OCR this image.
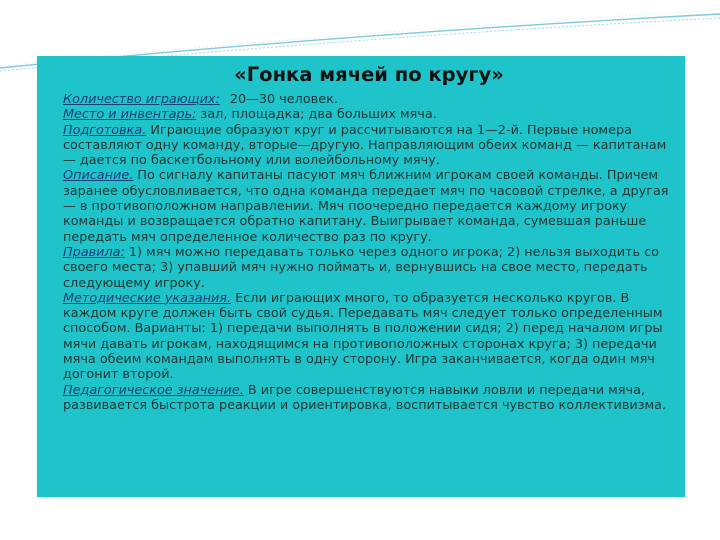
«Гонка мячей по кругу»

Количество играющих: 20—30 человек.

Место и инвентарь: зал, площадка; два больших мяча.

Подготовка. Играющие образуют круг и рассчитываются на 1—2-й. Первые номера составляют одну команду, вторые—другую. Направляющим обеих команд — капитанам — дается по баскетбольному или волейбольному мячу.

Описание. По сигналу капитаны пасуют мяч ближним игрокам своей команды. Причем заранее обусловливается, что одна команда передает мяч по часовой стрелке, а другая — в противоположном направлении. Мяч поочередно передается каждому игроку команды и возвращается обратно капитану. Выигрывает команда, сумевшая раньше передать мяч определенное количество раз по кругу.

Правила: 1) мяч можно передавать только через одного игрока; 2) нельзя выходить со своего места; 3) упавший мяч нужно поймать и, вернувшись на свое место, передать следующему игроку.

Методические указания. Если играющих много, то образуется несколько кругов. В каждом круге должен быть свой судья. Передавать мяч следует только определенным способом. Варианты: 1) передачи выполнять в положении сидя; 2) перед началом игры мячи давать игрокам, находящимся на противоположных сторонах круга; 3) передачи мяча обеим командам выполнять в одну сторону. Игра заканчивается, когда один мяч догонит второй.

Педагогическое значение. В игре совершенствуются навыки ловли и передачи мяча, развивается быстрота реакции и ориентировка, воспитывается чувство коллективизма.
